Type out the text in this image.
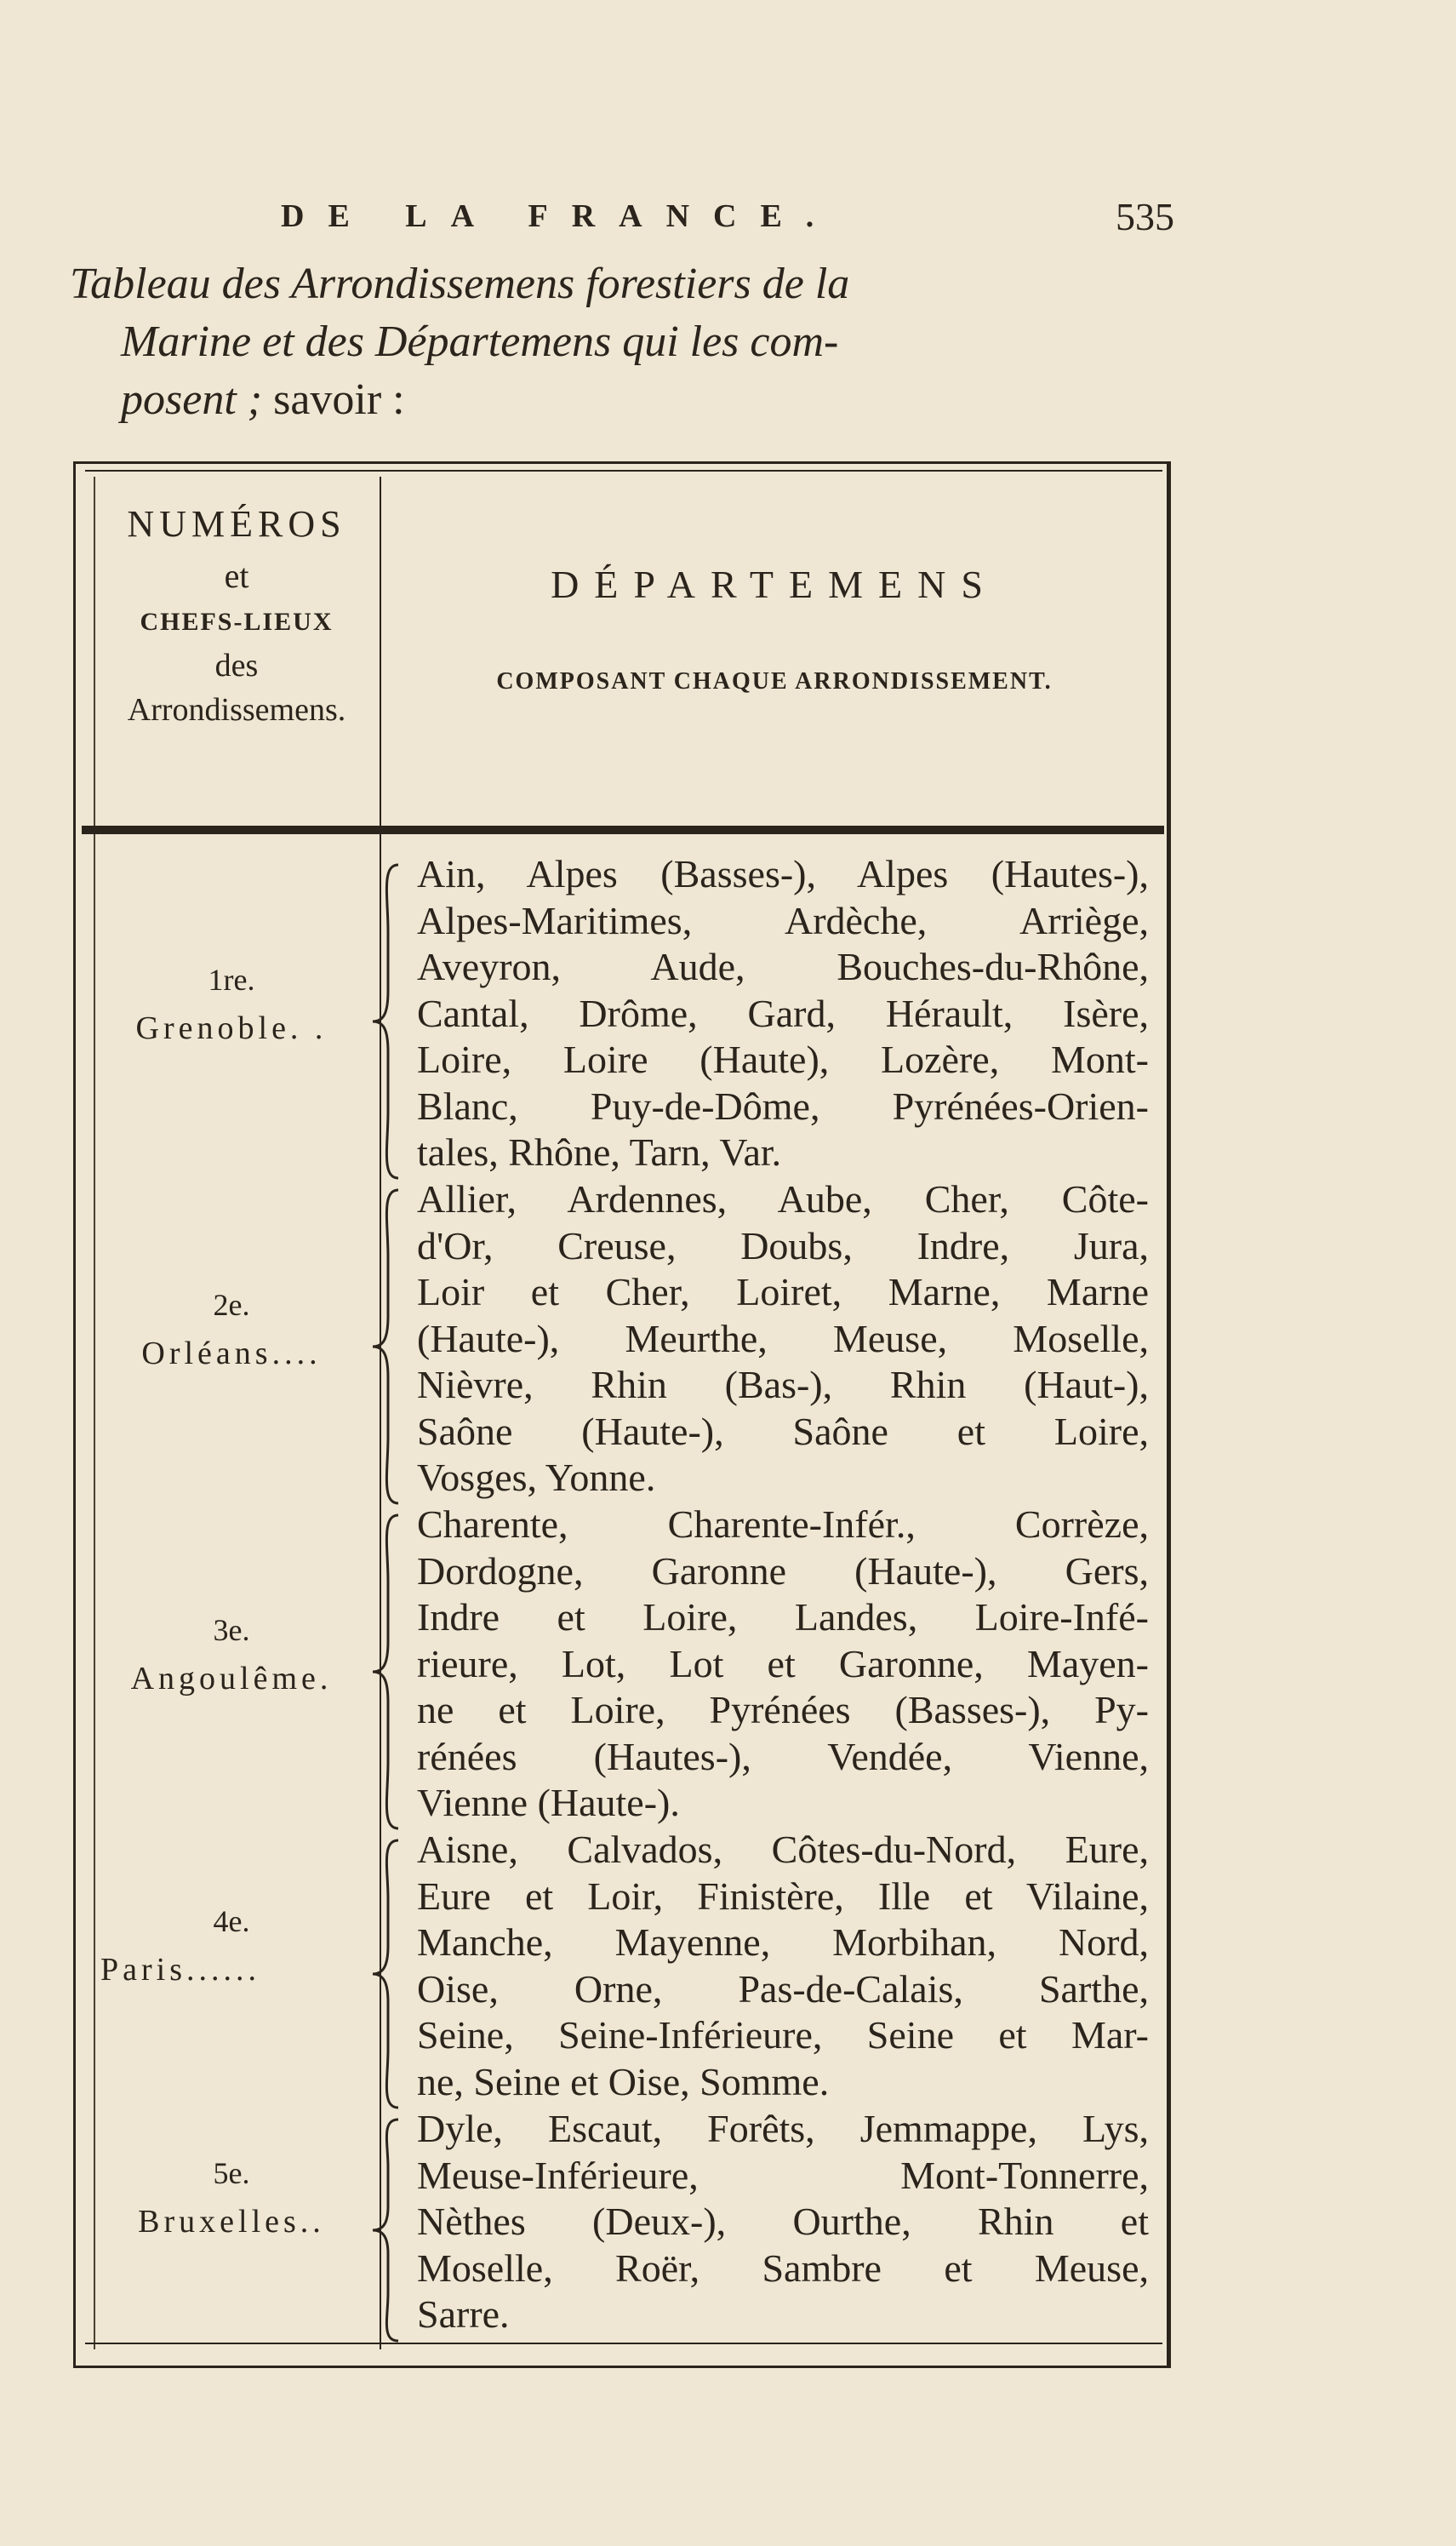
DE LA FRANCE.	535
Tableau des Arrondissemens forestiers de la
Marine et des Départemens qui les com-
posent ; savoir :
NUMÉROS
et
CHEFS-LIEUX
des
Arrondissemens.
DÉPARTEMENS
COMPOSANT CHAQUE ARRONDISSEMENT.
1re.
Grenoble. .
Ain, Alpes (Basses-), Alpes (Hautes-),
Alpes-Maritimes, Ardèche, Arriège,
Aveyron, Aude, Bouches-du-Rhône,
Cantal, Drôme, Gard, Hérault, Isère,
Loire, Loire (Haute), Lozère, Mont-
Blanc, Puy-de-Dôme, Pyrénées-Orien-
tales, Rhône, Tarn, Var.
2e.
Orléans....
Allier, Ardennes, Aube, Cher, Côte-
d'Or, Creuse, Doubs, Indre, Jura,
Loir et Cher, Loiret, Marne, Marne
(Haute-), Meurthe, Meuse, Moselle,
Nièvre, Rhin (Bas-), Rhin (Haut-),
Saône (Haute-), Saône et Loire,
Vosges, Yonne.
3e.
Angoulême.
Charente, Charente-Infér., Corrèze,
Dordogne, Garonne (Haute-), Gers,
Indre et Loire, Landes, Loire-Infé-
rieure, Lot, Lot et Garonne, Mayen-
ne et Loire, Pyrénées (Basses-), Py-
rénées (Hautes-), Vendée, Vienne,
Vienne (Haute-).
4e.
Paris......
Aisne, Calvados, Côtes-du-Nord, Eure,
Eure et Loir, Finistère, Ille et Vilaine,
Manche, Mayenne, Morbihan, Nord,
Oise, Orne, Pas-de-Calais, Sarthe,
Seine, Seine-Inférieure, Seine et Mar-
ne, Seine et Oise, Somme.
5e.
Bruxelles..
Dyle, Escaut, Forêts, Jemmappe, Lys,
Meuse-Inférieure, Mont-Tonnerre,
Nèthes (Deux-), Ourthe, Rhin et
Moselle, Roër, Sambre et Meuse,
Sarre.
